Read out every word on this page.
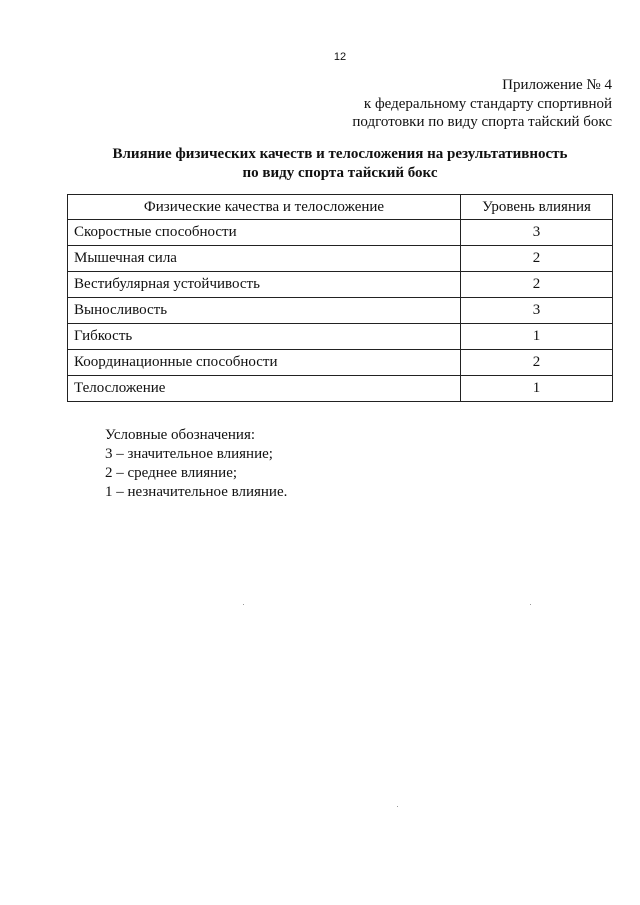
12
Приложение № 4
к федеральному стандарту спортивной
подготовки по виду спорта тайский бокс
Влияние физических качеств и телосложения на результативность
по виду спорта тайский бокс
Физические качества и телосложение	Уровень влияния
Скоростные способности	3
Мышечная сила	2
Вестибулярная устойчивость	2
Выносливость	3
Гибкость	1
Координационные способности	2
Телосложение	1
Условные обозначения:
3 – значительное влияние;
2 – среднее влияние;
1 – незначительное влияние.
